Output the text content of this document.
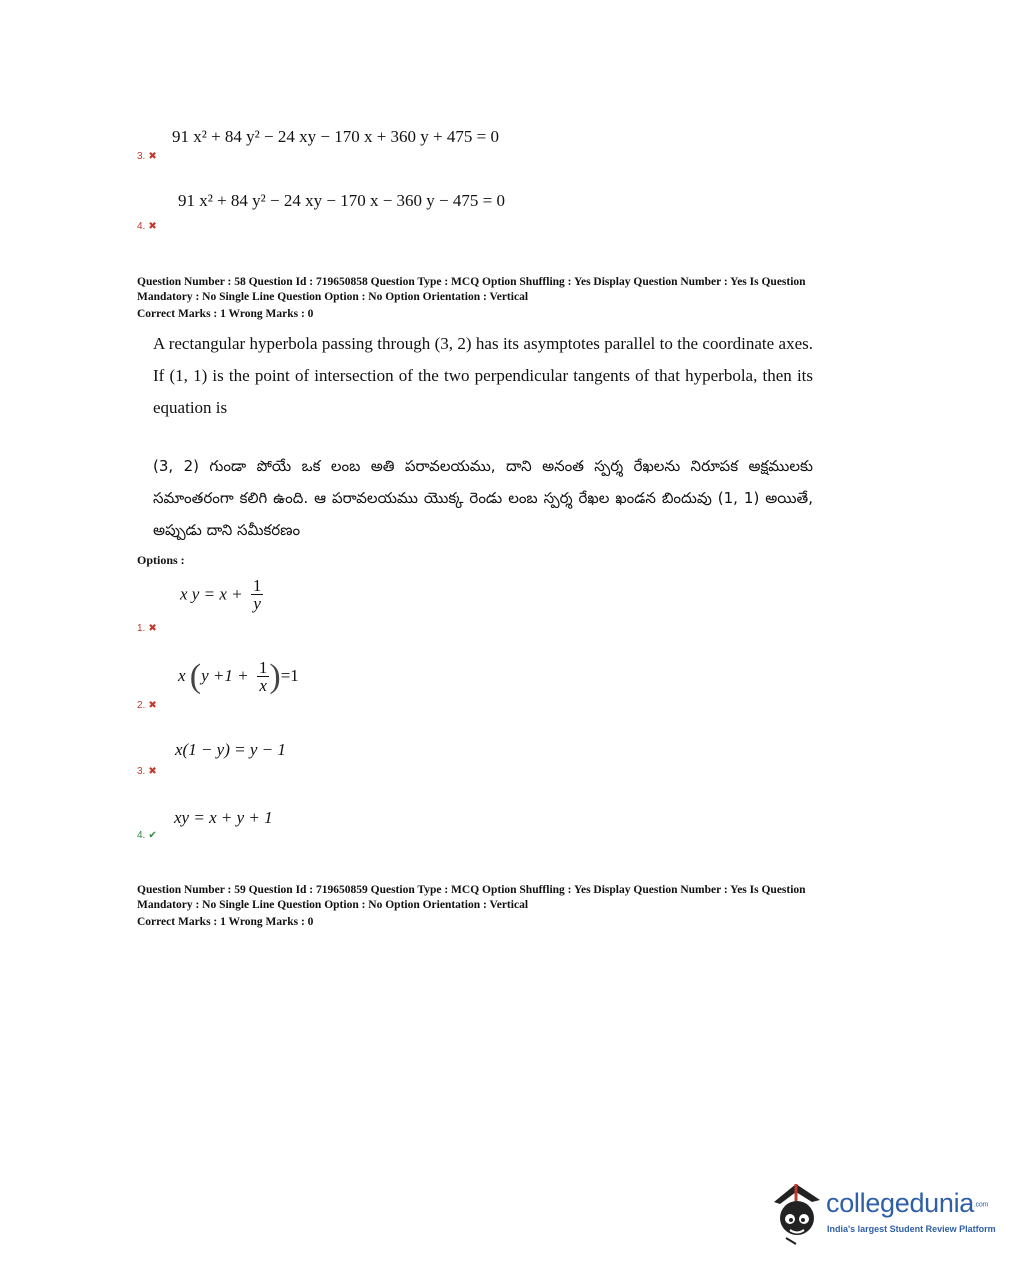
91 x² + 84 y² − 24 xy − 170 x + 360 y + 475 = 0
3. ✖
91 x² + 84 y² − 24 xy − 170 x − 360 y − 475 = 0
4. ✖
Question Number : 58 Question Id : 719650858 Question Type : MCQ Option Shuffling : Yes Display Question Number : Yes Is Question
Mandatory : No Single Line Question Option : No Option Orientation : Vertical
Correct Marks : 1 Wrong Marks : 0
A rectangular hyperbola passing through (3, 2) has its asymptotes parallel to the coordinate axes. If (1, 1) is the point of intersection of the two perpendicular tangents of that hyperbola, then its equation is
(3, 2) గుండా పోయే ఒక లంబ అతి పరావలయము, దాని అనంత స్పర్శ రేఖలను నిరూపక అక్షములకు సమాంతరంగా కలిగి ఉంది. ఆ పరావలయము యొక్క రెండు లంబ స్పర్శ రేఖల ఖండన బిందువు (1, 1) అయితే, అప్పుడు దాని సమీకరణం
Options :
x $y = x + \frac{1}{y}$
1. ✖
x $(y +1 + \frac{1}{x} )=1$
2. ✖
x(1 − y) = y − 1
3. ✖
xy = x + y + 1
4. ✔
Question Number : 59 Question Id : 719650859 Question Type : MCQ Option Shuffling : Yes Display Question Number : Yes Is Question
Mandatory : No Single Line Question Option : No Option Orientation : Vertical
Correct Marks : 1 Wrong Marks : 0
collegedunia.com
India's largest Student Review Platform
